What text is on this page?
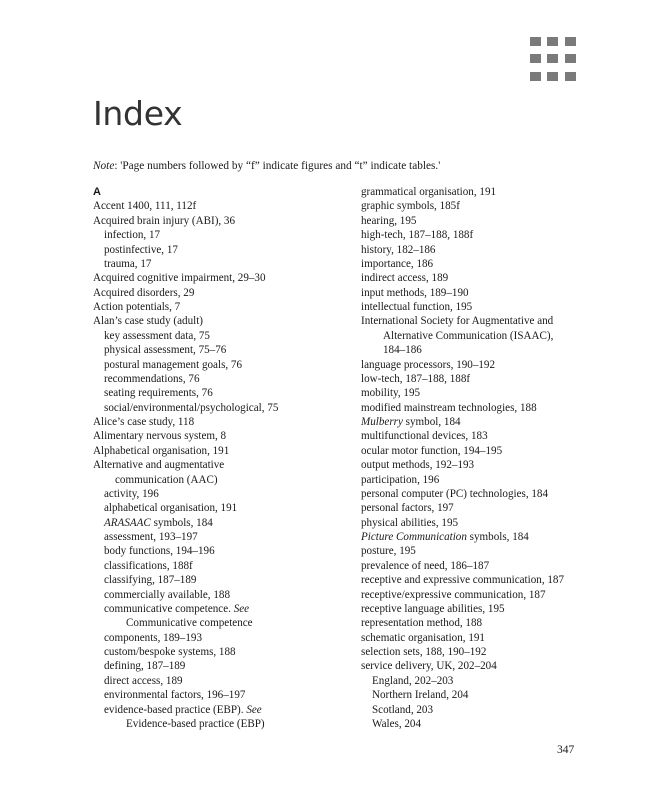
Index
Note: 'Page numbers followed by “f” indicate figures and “t” indicate tables.'
A
Accent 1400, 111, 112f
Acquired brain injury (ABI), 36
infection, 17
postinfective, 17
trauma, 17
Acquired cognitive impairment, 29–30
Acquired disorders, 29
Action potentials, 7
Alan’s case study (adult)
key assessment data, 75
physical assessment, 75–76
postural management goals, 76
recommendations, 76
seating requirements, 76
social/environmental/psychological, 75
Alice’s case study, 118
Alimentary nervous system, 8
Alphabetical organisation, 191
Alternative and augmentative
communication (AAC)
activity, 196
alphabetical organisation, 191
ARASAAC symbols, 184
assessment, 193–197
body functions, 194–196
classifications, 188f
classifying, 187–189
commercially available, 188
communicative competence. See
Communicative competence
components, 189–193
custom/bespoke systems, 188
defining, 187–189
direct access, 189
environmental factors, 196–197
evidence-based practice (EBP). See
Evidence-based practice (EBP)
grammatical organisation, 191
graphic symbols, 185f
hearing, 195
high-tech, 187–188, 188f
history, 182–186
importance, 186
indirect access, 189
input methods, 189–190
intellectual function, 195
International Society for Augmentative and
Alternative Communication (ISAAC),
184–186
language processors, 190–192
low-tech, 187–188, 188f
mobility, 195
modified mainstream technologies, 188
Mulberry symbol, 184
multifunctional devices, 183
ocular motor function, 194–195
output methods, 192–193
participation, 196
personal computer (PC) technologies, 184
personal factors, 197
physical abilities, 195
Picture Communication symbols, 184
posture, 195
prevalence of need, 186–187
receptive and expressive communication, 187
receptive/expressive communication, 187
receptive language abilities, 195
representation method, 188
schematic organisation, 191
selection sets, 188, 190–192
service delivery, UK, 202–204
England, 202–203
Northern Ireland, 204
Scotland, 203
Wales, 204
347
